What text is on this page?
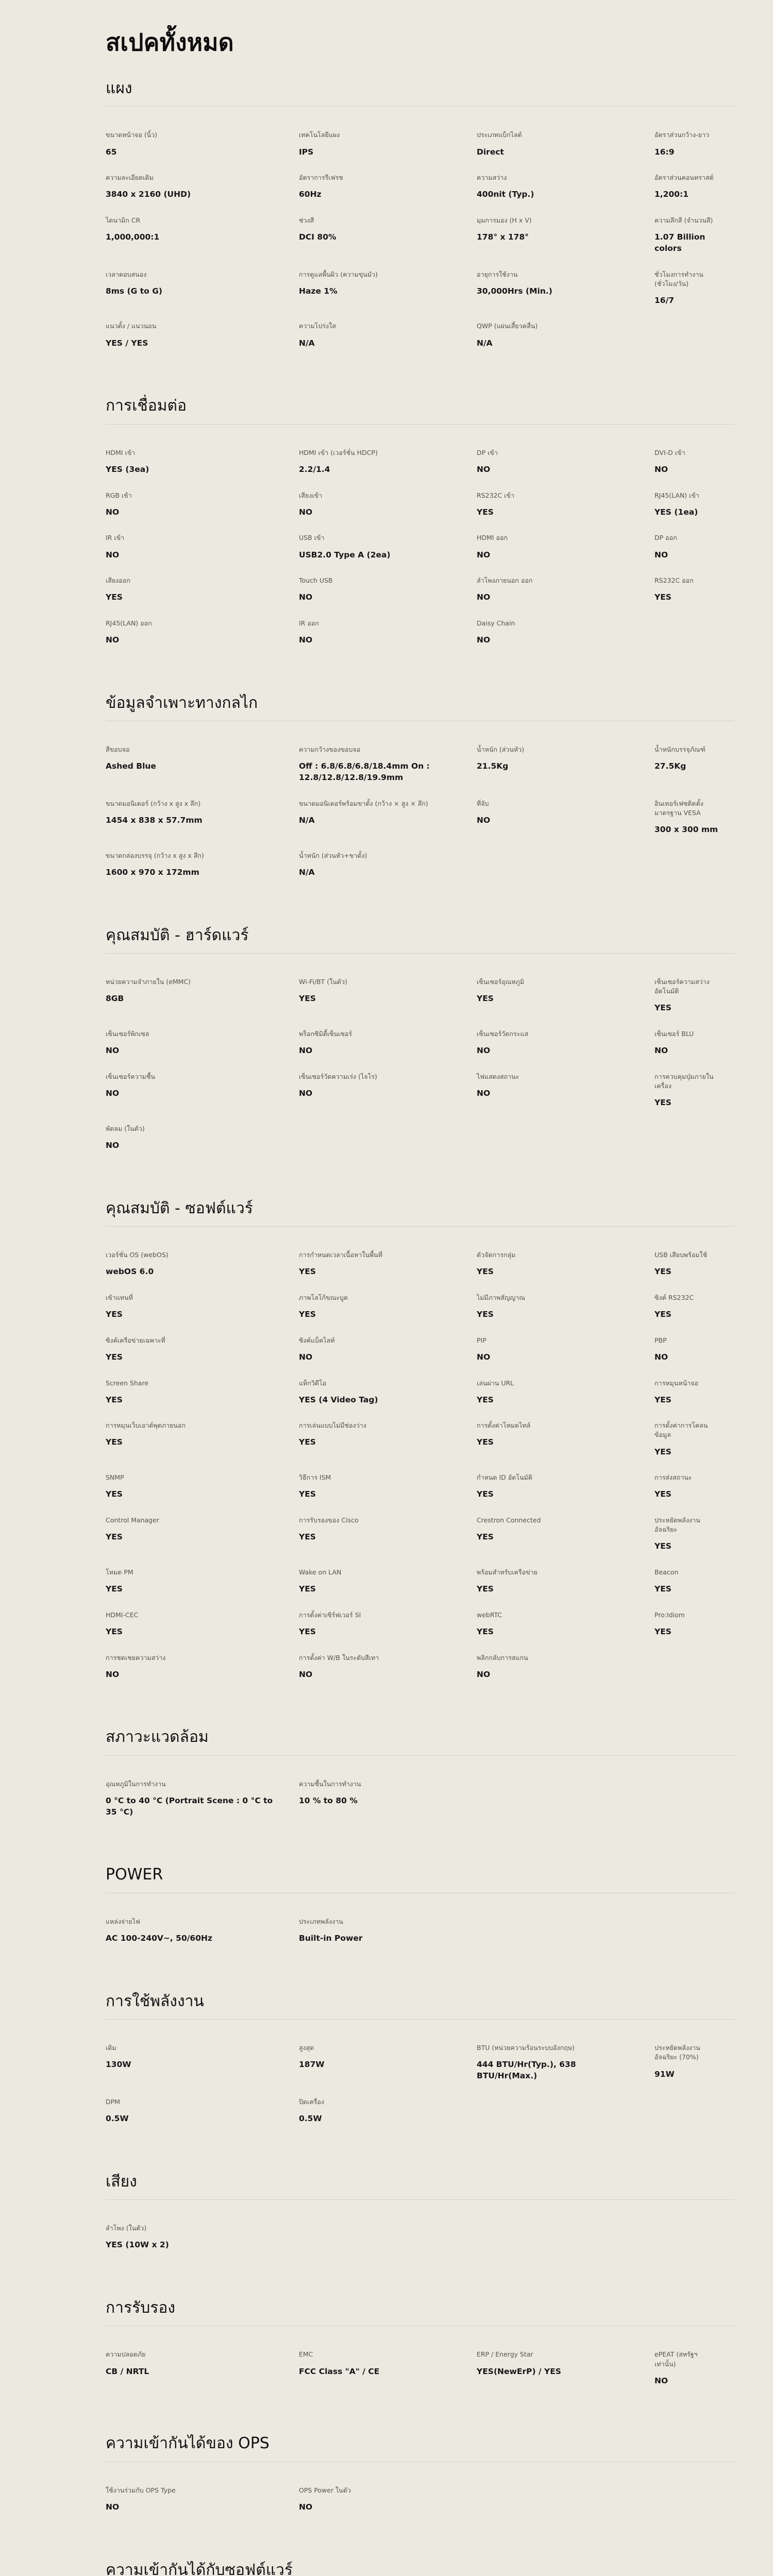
สเปคทั้งหมด
แผง
ขนาดหน้าจอ (นิ้ว)
65
เทคโนโลยีแผง
IPS
ประเภทแบ็กไลต์
Direct
อัตราส่วนกว้าง-ยาว
16:9
ความละเอียดเดิม
3840 x 2160 (UHD)
อัตราการรีเฟรช
60Hz
ความสว่าง
400nit (Typ.)
อัตราส่วนคอนทราสต์
1,200:1
ไดนามิก CR
1,000,000:1
ช่วงสี
DCI 80%
มุมการมอง (H x V)
178° x 178°
ความลึกสี (จำนวนสี)
1.07 Billion colors
เวลาตอบสนอง
8ms (G to G)
การดูแลพื้นผิว (ความขุ่นมัว)
Haze 1%
อายุการใช้งาน
30,000Hrs (Min.)
ชั่วโมงการทำงาน (ชั่วโมง/วัน)
16/7
แนวตั้ง / แนวนอน
YES / YES
ความโปร่งใส
N/A
QWP (แผ่นเสี้ยวคลื่น)
N/A
การเชื่อมต่อ
HDMI เข้า
YES (3ea)
HDMI เข้า (เวอร์ชั่น HDCP)
2.2/1.4
DP เข้า
NO
DVI-D เข้า
NO
RGB เข้า
NO
เสียงเข้า
NO
RS232C เข้า
YES
RJ45(LAN) เข้า
YES (1ea)
IR เข้า
NO
USB เข้า
USB2.0 Type A (2ea)
HDMI ออก
NO
DP ออก
NO
เสียงออก
YES
Touch USB
NO
ลำโพงภายนอก ออก
NO
RS232C ออก
YES
RJ45(LAN) ออก
NO
IR ออก
NO
Daisy Chain
NO
ข้อมูลจำเพาะทางกลไก
สีขอบจอ
Ashed Blue
ความกว้างของขอบจอ
Off : 6.8/6.8/6.8/18.4mm On : 12.8/12.8/12.8/19.9mm
น้ำหนัก (ส่วนหัว)
21.5Kg
น้ำหนักบรรจุภัณฑ์
27.5Kg
ขนาดมอนิเตอร์ (กว้าง x สูง x ลึก)
1454 x 838 x 57.7mm
ขนาดมอนิเตอร์พร้อมขาตั้ง (กว้าง × สูง × ลึก)
N/A
ที่จับ
NO
อินเทอร์เฟซติดตั้งมาตรฐาน VESA
300 x 300 mm
ขนาดกล่องบรรจุ (กว้าง x สูง x ลึก)
1600 x 970 x 172mm
น้ำหนัก (ส่วนหัว+ขาตั้ง)
N/A
คุณสมบัติ - ฮาร์ดแวร์
หน่วยความจำภายใน (eMMC)
8GB
Wi-Fi/BT (ในตัว)
YES
เซ็นเซอร์อุณหภูมิ
YES
เซ็นเซอร์ความสว่างอัตโนมัติ
YES
เซ็นเซอร์พิกเซล
NO
พร็อกซิมิตี้เซ็นเซอร์
NO
เซ็นเซอร์วัดกระแส
NO
เซ็นเซอร์ BLU
NO
เซ็นเซอร์ความชื้น
NO
เซ็นเซอร์วัดความเร่ง (ไจโร)
NO
ไฟแสดงสถานะ
NO
การควบคุมปุ่มภายในเครื่อง
YES
พัดลม (ในตัว)
NO
คุณสมบัติ - ซอฟต์แวร์
เวอร์ชั่น OS (webOS)
webOS 6.0
การกำหนดเวลาเนื้อหาในพื้นที่
YES
ตัวจัดการกลุ่ม
YES
USB เสียบพร้อมใช้
YES
เข้าแทนที่
YES
ภาพโลโก้ขณะบูต
YES
ไม่มีภาพสัญญาณ
YES
ซิงค์ RS232C
YES
ซิงค์เครือข่ายเฉพาะที่
YES
ซิงค์แบ็คไลท์
NO
PIP
NO
PBP
NO
Screen Share
YES
แท็กวิดีโอ
YES (4 Video Tag)
เล่นผ่าน URL
YES
การหมุนหน้าจอ
YES
การหมุนเว็บเอาต์พุตภายนอก
YES
การเล่นแบบไม่มีช่องว่าง
YES
การตั้งค่าโหมดไทล์
YES
การตั้งค่าการโคลนข้อมูล
YES
SNMP
YES
วิธีการ ISM
YES
กำหนด ID อัตโนมัติ
YES
การส่งสถานะ
YES
Control Manager
YES
การรับรองของ Cisco
YES
Crestron Connected
YES
ประหยัดพลังงานอัจฉริยะ
YES
โหมด PM
YES
Wake on LAN
YES
พร้อมสำหรับเครือข่าย
YES
Beacon
YES
HDMI-CEC
YES
การตั้งค่าเซิร์ฟเวอร์ SI
YES
webRTC
YES
Pro:Idiom
YES
การชดเชยความสว่าง
NO
การตั้งค่า W/B ในระดับสีเทา
NO
พลิกกลับการสแกน
NO
สภาวะแวดล้อม
อุณหภูมิในการทำงาน
0 °C to 40 °C (Portrait Scene : 0 °C to 35 °C)
ความชื้นในการทำงาน
10 % to 80 %
POWER
แหล่งจ่ายไฟ
AC 100-240V~, 50/60Hz
ประเภทพลังงาน
Built-in Power
การใช้พลังงาน
เดิม
130W
สูงสุด
187W
BTU (หน่วยความร้อนระบบอังกฤษ)
444 BTU/Hr(Typ.), 638 BTU/Hr(Max.)
ประหยัดพลังงานอัจฉริยะ (70%)
91W
DPM
0.5W
ปิดเครื่อง
0.5W
เสียง
ลำโพง (ในตัว)
YES (10W x 2)
การรับรอง
ความปลอดภัย
CB / NRTL
EMC
FCC Class "A" / CE
ERP / Energy Star
YES(NewErP) / YES
ePEAT (สหรัฐฯ เท่านั้น)
NO
ความเข้ากันได้ของ OPS
ใช้งานร่วมกับ OPS Type
NO
OPS Power ในตัว
NO
ความเข้ากันได้กับซอฟต์แวร์
